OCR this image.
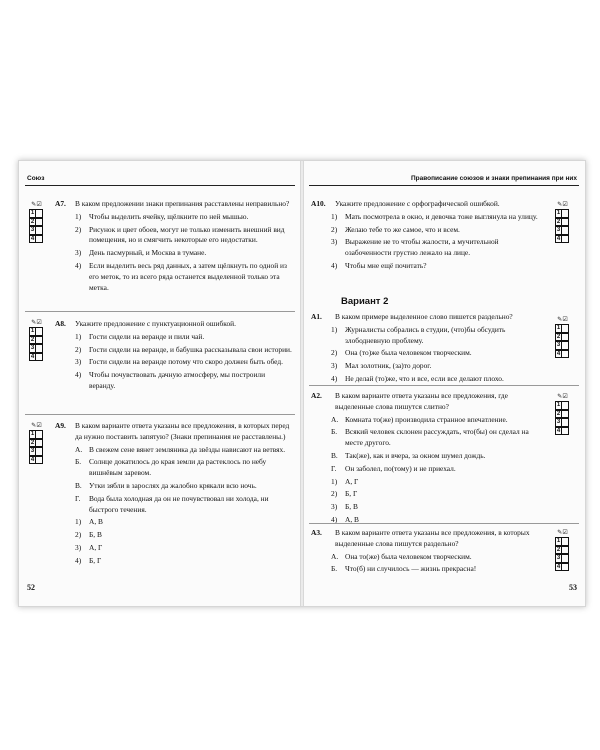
Союз
✎☑
1
2
3
4
A7.	В каком предложении знаки препинания расставлены неправильно?
1)	Чтобы выделить ячейку, щёлкните по ней мышью.
2)	Рисунок и цвет обоев, могут не только изменить внешний вид помещения, но и смягчить некоторые его недостатки.
3)	День пасмурный, и Москва в тумане.
4)	Если выделить весь ряд данных, а затем щёлкнуть по одной из его меток, то из всего ряда останется выделенной только эта метка.
✎☑
1
2
3
4
A8.	Укажите предложение с пунктуационной ошибкой.
1)	Гости сидели на веранде и пили чай.
2)	Гости сидели на веранде, и бабушка рассказывала свои истории.
3)	Гости сидели на веранде потому что скоро должен быть обед.
4)	Чтобы почувствовать дачную атмосферу, мы построили веранду.
✎☑
1
2
3
4
A9.	В каком варианте ответа указаны все предложения, в которых перед да нужно поставить запятую? (Знаки препинания не расставлены.)
А. В свежем сене вянет земляника да звёзды нависают на ветвях.
Б.	Солнце докатилось до края земли да растеклось по небу вишнёвым заревом.
В. Утки зябли в зарослях да жалобно крякали всю ночь.
Г.	Вода была холодная да он не почувствовал ни холода, ни быстрого течения.
1)	А, В
2)	Б, В
3)	А, Г
4)	Б, Г
52
Правописание союзов и знаки препинания при них
А10.	Укажите предложение с орфографической ошибкой.
1)	Мать посмотрела в окно, и девочка тоже выглянула на улицу.
2)	Желаю тебе то же самое, что и всем.
3)	Выражение не то чтобы жалости, а мучительной озабоченности грустно лежало на лице.
4)	Чтобы мне ещё почитать?
✎☑
1
2
3
4
Вариант 2
А1.	В каком примере выделенное слово пишется раздельно?
1)	Журналисты собрались в студии, (что)бы обсудить злободневную проблему.
2)	Она (то)же была человеком творческим.
3)	Мал золотник, (за)то дорог.
4)	Не делай (то)же, что и все, если все делают плохо.
✎☑
1
2
3
4
А2.	В каком варианте ответа указаны все предложения, где выделенные слова пишутся слитно?
А. Комната то(же) производила странное впечатление.
Б.	Всякий человек склонен рассуждать, что(бы) он сделал на месте другого.
В. Так(же), как и вчера, за окном шумел дождь.
Г.	Он заболел, по(тому) и не приехал.
1)	А, Г
2)	Б, Г
3)	Б, В
4)	А, В
✎☑
1
2
3
4
А3.	В каком варианте ответа указаны все предложения, в которых выделенные слова пишутся раздельно?
А. Она то(же) была человеком творческим.
Б.	Что(б) ни случилось — жизнь прекрасна!
✎☑
1
2
3
4
53
